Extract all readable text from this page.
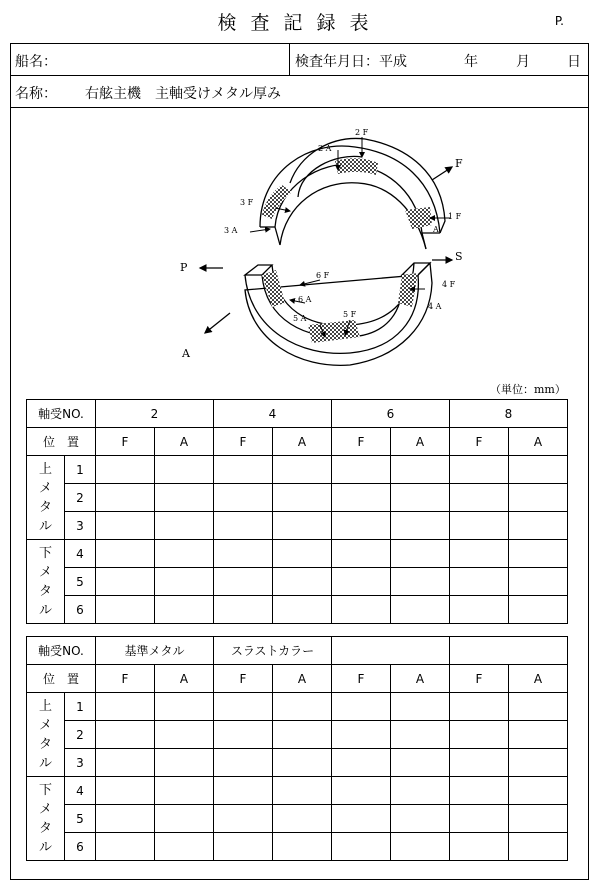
検査記録表	P.
船名：	検査年月日：平成	年	月	日
名称： 右舷主機　主軸受けメタル厚み
2 F
2 A
3 F
3 A
1 F
A
6 F
6 A
5 A	5 F
4 F
4 A
F
P
S
A
（単位：mm）
軸受NO.		2		4		6		8	
位　置		F	A	F	A	F	A	F	A
上メタル	1								
	2								
	3								
下メタル	4								
	5								
	6								
軸受NO.		基準メタル		スラストカラー					
位　置		F	A	F	A	F	A	F	A
上メタル	1								
	2								
	3								
下メタル	4								
	5								
	6								
